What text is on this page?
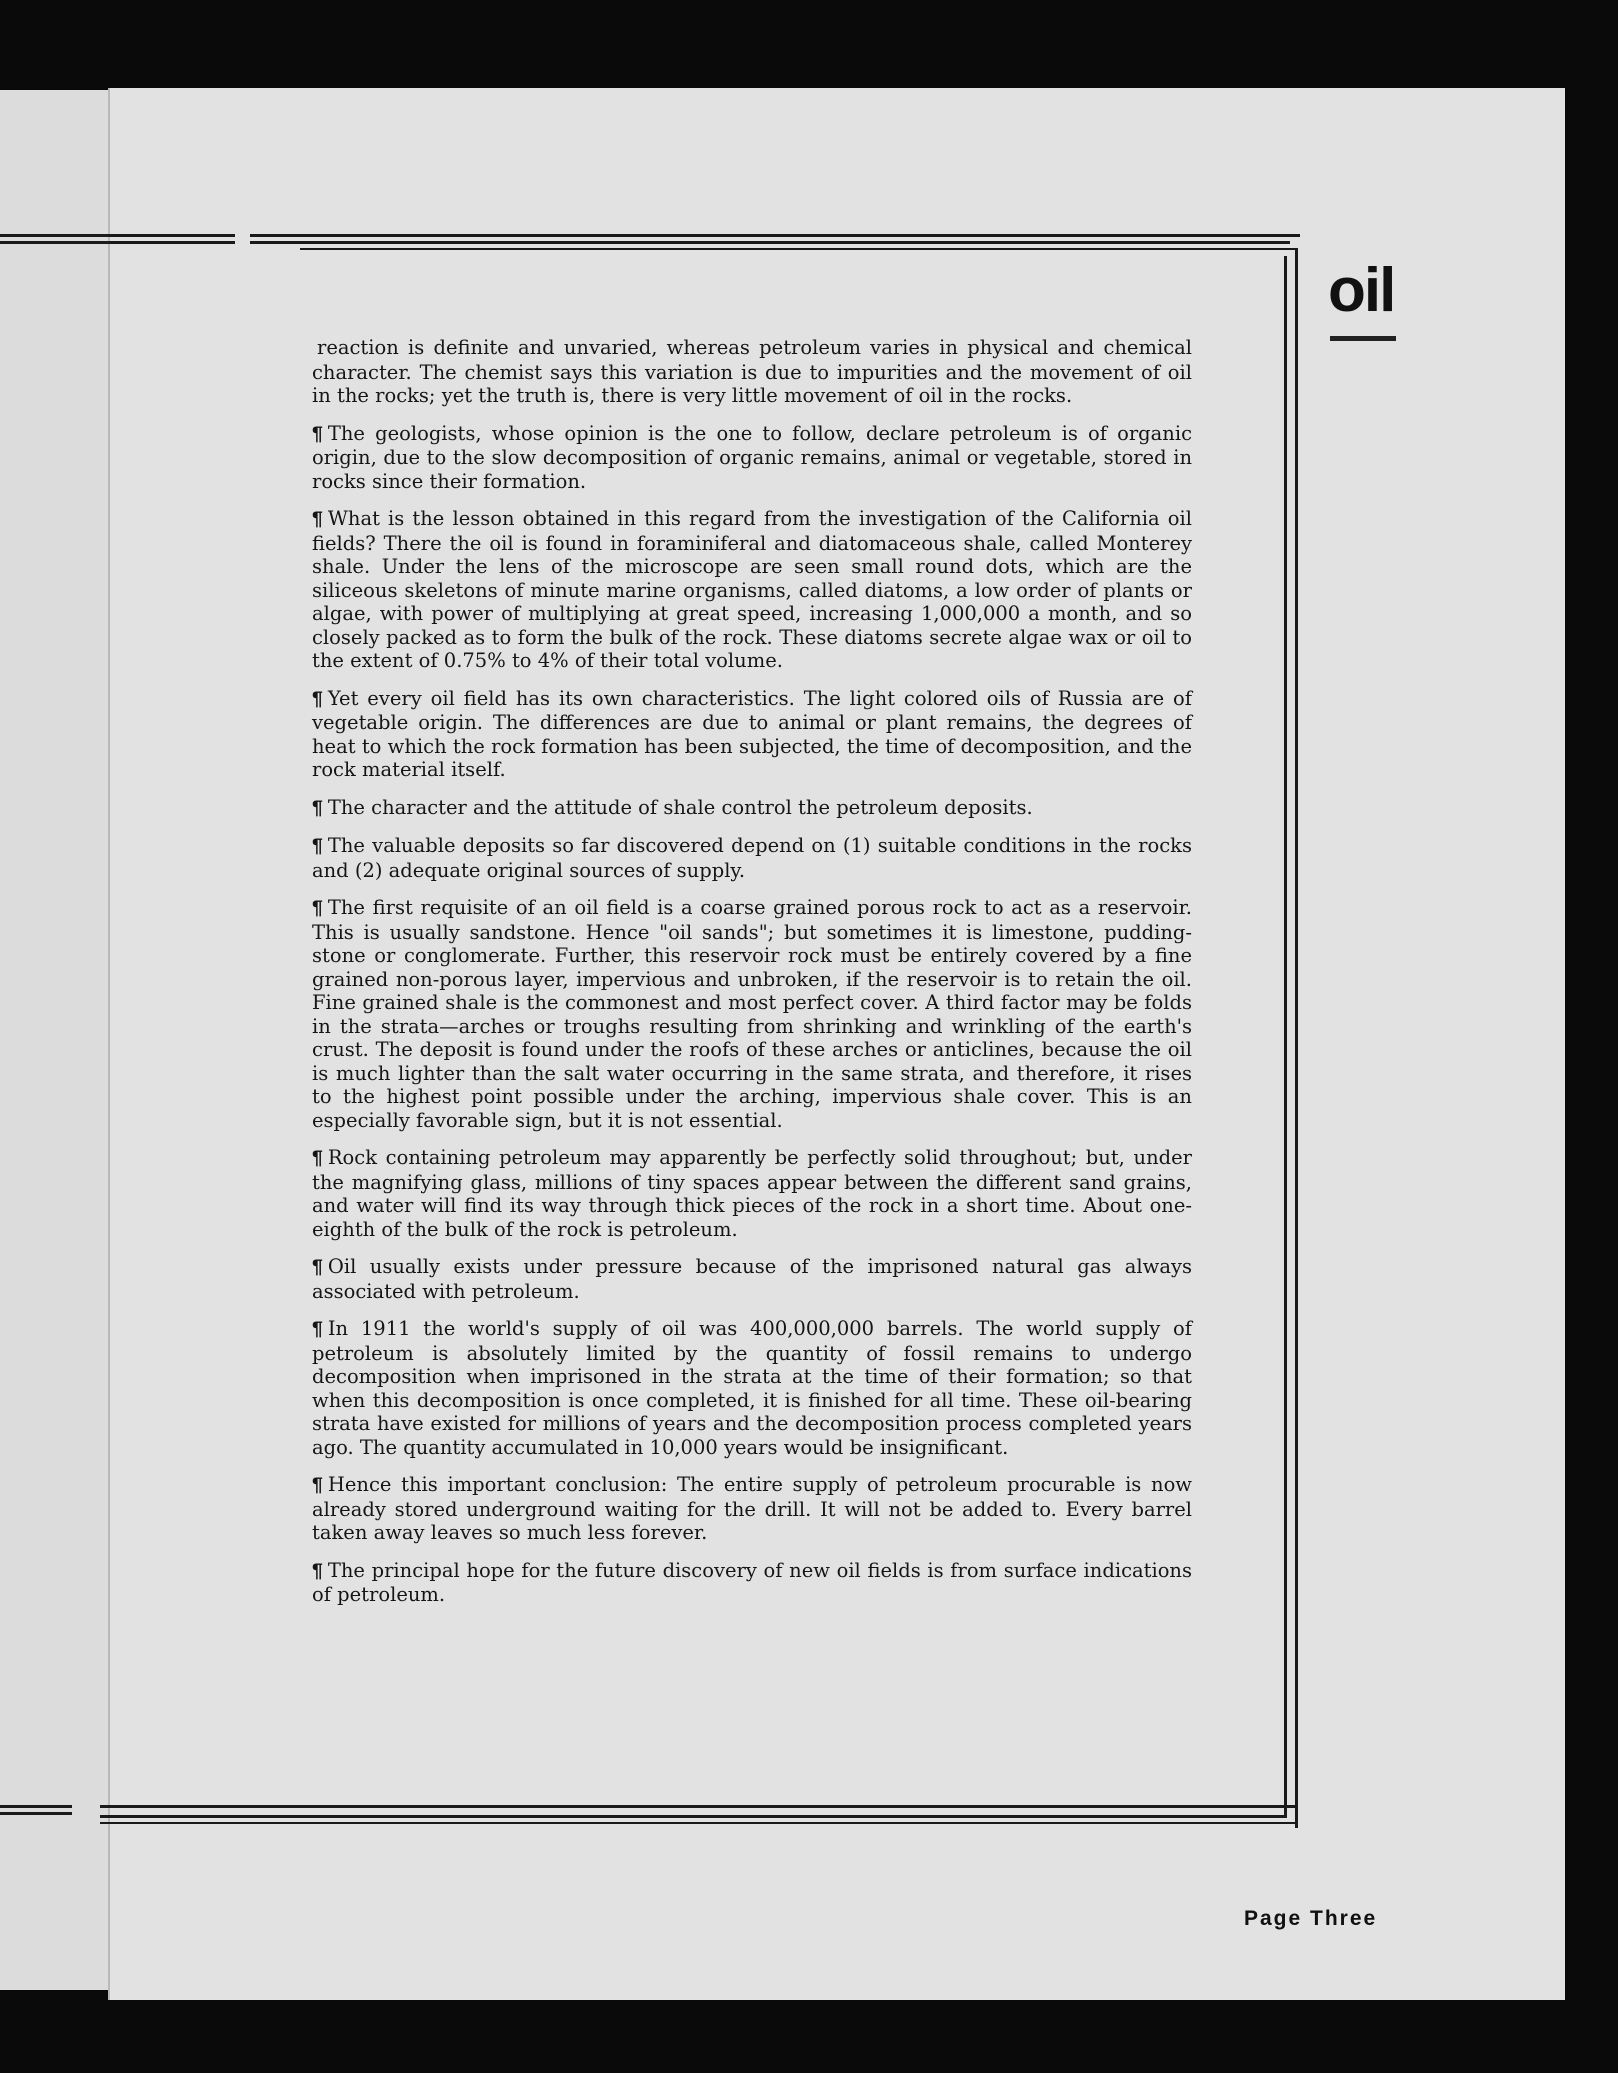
oil

reaction is definite and unvaried, whereas petroleum varies in physical and chemical character. The chemist says this variation is due to impurities and the movement of oil in the rocks; yet the truth is, there is very little movement of oil in the rocks.

¶ The geologists, whose opinion is the one to follow, declare petroleum is of organic origin, due to the slow decomposition of organic remains, animal or vegetable, stored in rocks since their formation.

¶ What is the lesson obtained in this regard from the investigation of the California oil fields? There the oil is found in foraminiferal and diatomaceous shale, called Monterey shale. Under the lens of the microscope are seen small round dots, which are the siliceous skeletons of minute marine organisms, called diatoms, a low order of plants or algae, with power of multiplying at great speed, increasing 1,000,000 a month, and so closely packed as to form the bulk of the rock. These diatoms secrete algae wax or oil to the extent of 0.75% to 4% of their total volume.

¶ Yet every oil field has its own characteristics. The light colored oils of Russia are of vegetable origin. The differences are due to animal or plant remains, the degrees of heat to which the rock formation has been subjected, the time of decomposition, and the rock material itself.

¶ The character and the attitude of shale control the petroleum deposits.

¶ The valuable deposits so far discovered depend on (1) suitable conditions in the rocks and (2) adequate original sources of supply.

¶ The first requisite of an oil field is a coarse grained porous rock to act as a reservoir. This is usually sandstone. Hence "oil sands"; but sometimes it is limestone, pudding-stone or conglomerate. Further, this reservoir rock must be entirely covered by a fine grained non-porous layer, impervious and unbroken, if the reservoir is to retain the oil. Fine grained shale is the commonest and most perfect cover. A third factor may be folds in the strata—arches or troughs resulting from shrinking and wrinkling of the earth's crust. The deposit is found under the roofs of these arches or anticlines, because the oil is much lighter than the salt water occurring in the same strata, and therefore, it rises to the highest point possible under the arching, impervious shale cover. This is an especially favorable sign, but it is not essential.

¶ Rock containing petroleum may apparently be perfectly solid throughout; but, under the magnifying glass, millions of tiny spaces appear between the different sand grains, and water will find its way through thick pieces of the rock in a short time. About one-eighth of the bulk of the rock is petroleum.

¶ Oil usually exists under pressure because of the imprisoned natural gas always associated with petroleum.

¶ In 1911 the world's supply of oil was 400,000,000 barrels. The world supply of petroleum is absolutely limited by the quantity of fossil remains to undergo decomposition when imprisoned in the strata at the time of their formation; so that when this decomposition is once completed, it is finished for all time. These oil-bearing strata have existed for millions of years and the decomposition process completed years ago. The quantity accumulated in 10,000 years would be insignificant.

¶ Hence this important conclusion: The entire supply of petroleum procurable is now already stored underground waiting for the drill. It will not be added to. Every barrel taken away leaves so much less forever.

¶ The principal hope for the future discovery of new oil fields is from surface indications of petroleum.

Page Three
